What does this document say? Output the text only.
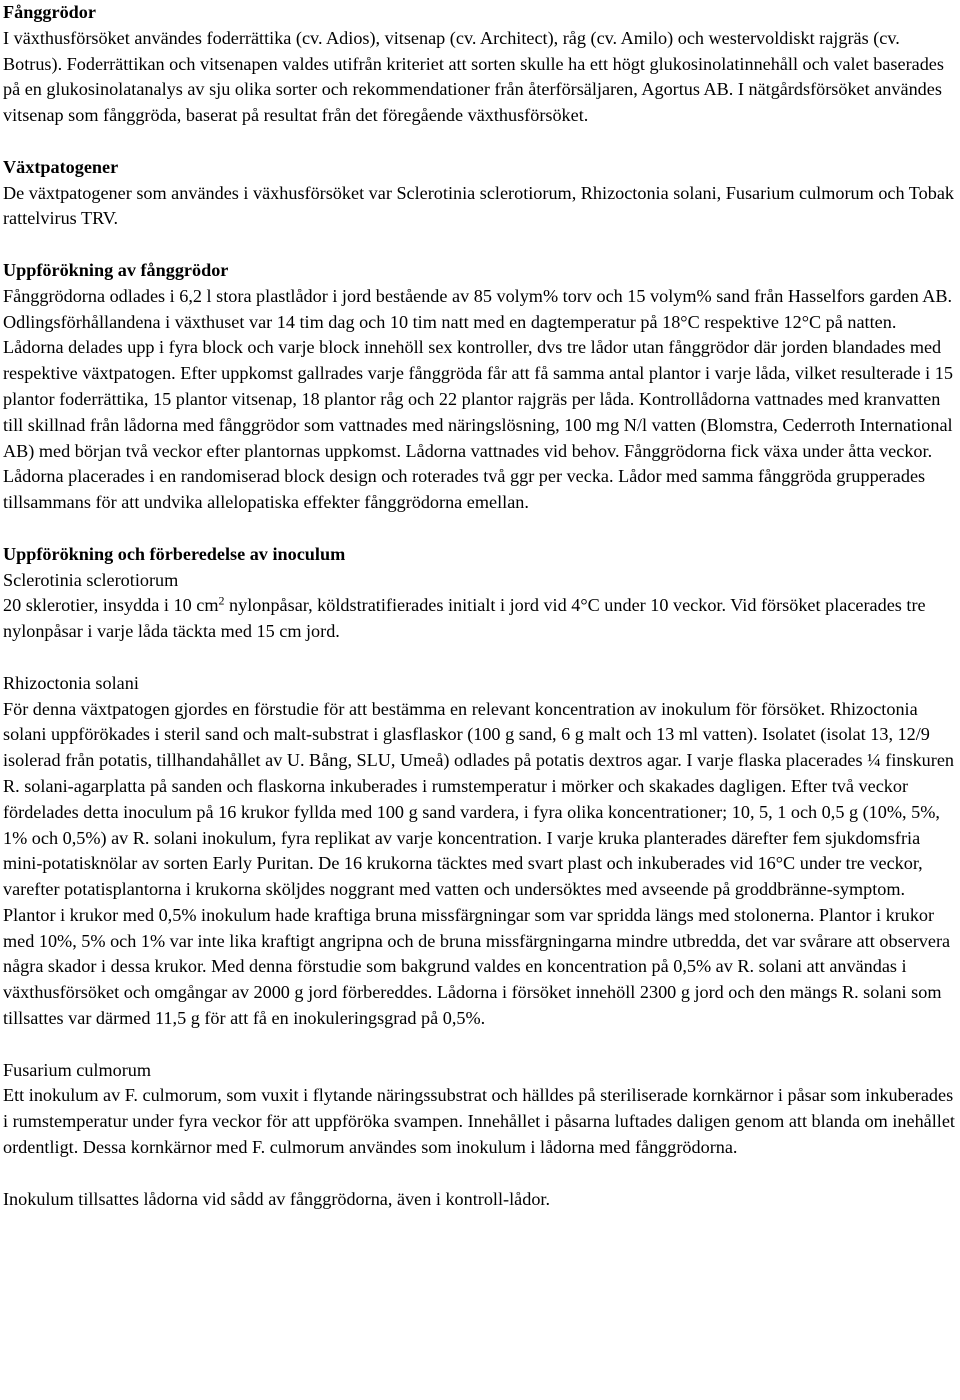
Fånggrödor

I växthusförsöket användes foderrättika (cv. Adios), vitsenap (cv. Architect), råg (cv. Amilo) och westervoldiskt rajgräs (cv. Botrus). Foderrättikan och vitsenapen valdes utifrån kriteriet att sorten skulle ha ett högt glukosinolatinnehåll och valet baserades på en glukosinolatanalys av sju olika sorter och rekommendationer från återförsäljaren, Agortus AB. I nätgårdsförsöket användes vitsenap som fånggröda, baserat på resultat från det föregående växthusförsöket.

Växtpatogener

De växtpatogener som användes i växhusförsöket var Sclerotinia sclerotiorum, Rhizoctonia solani, Fusarium culmorum och Tobak rattelvirus TRV.

Uppförökning av fånggrödor

Fånggrödorna odlades i 6,2 l stora plastlådor i jord bestående av 85 volym% torv och 15 volym% sand från Hasselfors garden AB. Odlingsförhållandena i växthuset var 14 tim dag och 10 tim natt med en dagtemperatur på 18°C respektive 12°C på natten. Lådorna delades upp i fyra block och varje block innehöll sex kontroller, dvs tre lådor utan fånggrödor där jorden blandades med respektive växtpatogen. Efter uppkomst gallrades varje fånggröda får att få samma antal plantor i varje låda, vilket resulterade i 15 plantor foderrättika, 15 plantor vitsenap, 18 plantor råg och 22 plantor rajgräs per låda. Kontrollådorna vattnades med kranvatten till skillnad från lådorna med fånggrödor som vattnades med näringslösning, 100 mg N/l vatten (Blomstra, Cederroth International AB) med början två veckor efter plantornas uppkomst. Lådorna vattnades vid behov. Fånggrödorna fick växa under åtta veckor. Lådorna placerades i en randomiserad block design och roterades två ggr per vecka. Lådor med samma fånggröda grupperades tillsammans för att undvika allelopatiska effekter fånggrödorna emellan.

Uppförökning och förberedelse av inoculum

Sclerotinia sclerotiorum

20 sklerotier, insydda i 10 $cm^2$ nylonpåsar, köldstratifierades initialt i jord vid 4°C under 10 veckor. Vid försöket placerades tre nylonpåsar i varje låda täckta med 15 cm jord.

Rhizoctonia solani

För denna växtpatogen gjordes en förstudie för att bestämma en relevant koncentration av inokulum för försöket. Rhizoctonia solani uppförökades i steril sand och malt-substrat i glasflaskor (100 g sand, 6 g malt och 13 ml vatten). Isolatet (isolat 13, 12/9 isolerad från potatis, tillhandahållet av U. Bång, SLU, Umeå) odlades på potatis dextros agar. I varje flaska placerades ¼ finskuren R. solani-agarplatta på sanden och flaskorna inkuberades i rumstemperatur i mörker och skakades dagligen. Efter två veckor fördelades detta inoculum på 16 krukor fyllda med 100 g sand vardera, i fyra olika koncentrationer; 10, 5, 1 och 0,5 g (10%, 5%, 1% och 0,5%) av R. solani inokulum, fyra replikat av varje koncentration. I varje kruka planterades därefter fem sjukdomsfria mini-potatisknölar av sorten Early Puritan. De 16 krukorna täcktes med svart plast och inkuberades vid 16°C under tre veckor, varefter potatisplantorna i krukorna sköljdes noggrant med vatten och undersöktes med avseende på groddbränne-symptom. Plantor i krukor med 0,5% inokulum hade kraftiga bruna missfärgningar som var spridda längs med stolonerna. Plantor i krukor med 10%, 5% och 1% var inte lika kraftigt angripna och de bruna missfärgningarna mindre utbredda, det var svårare att observera några skador i dessa krukor. Med denna förstudie som bakgrund valdes en koncentration på 0,5% av R. solani att användas i växthusförsöket och omgångar av 2000 g jord förbereddes. Lådorna i försöket innehöll 2300 g jord och den mängs R. solani som tillsattes var därmed 11,5 g för att få en inokuleringsgrad på 0,5%.

Fusarium culmorum

Ett inokulum av F. culmorum, som vuxit i flytande näringssubstrat och hälldes på steriliserade kornkärnor i påsar som inkuberades i rumstemperatur under fyra veckor för att uppföröka svampen. Innehållet i påsarna luftades daligen genom att blanda om inehållet ordentligt. Dessa kornkärnor med F. culmorum användes som inokulum i lådorna med fånggrödorna.

Inokulum tillsattes lådorna vid sådd av fånggrödorna, även i kontroll-lådor.
